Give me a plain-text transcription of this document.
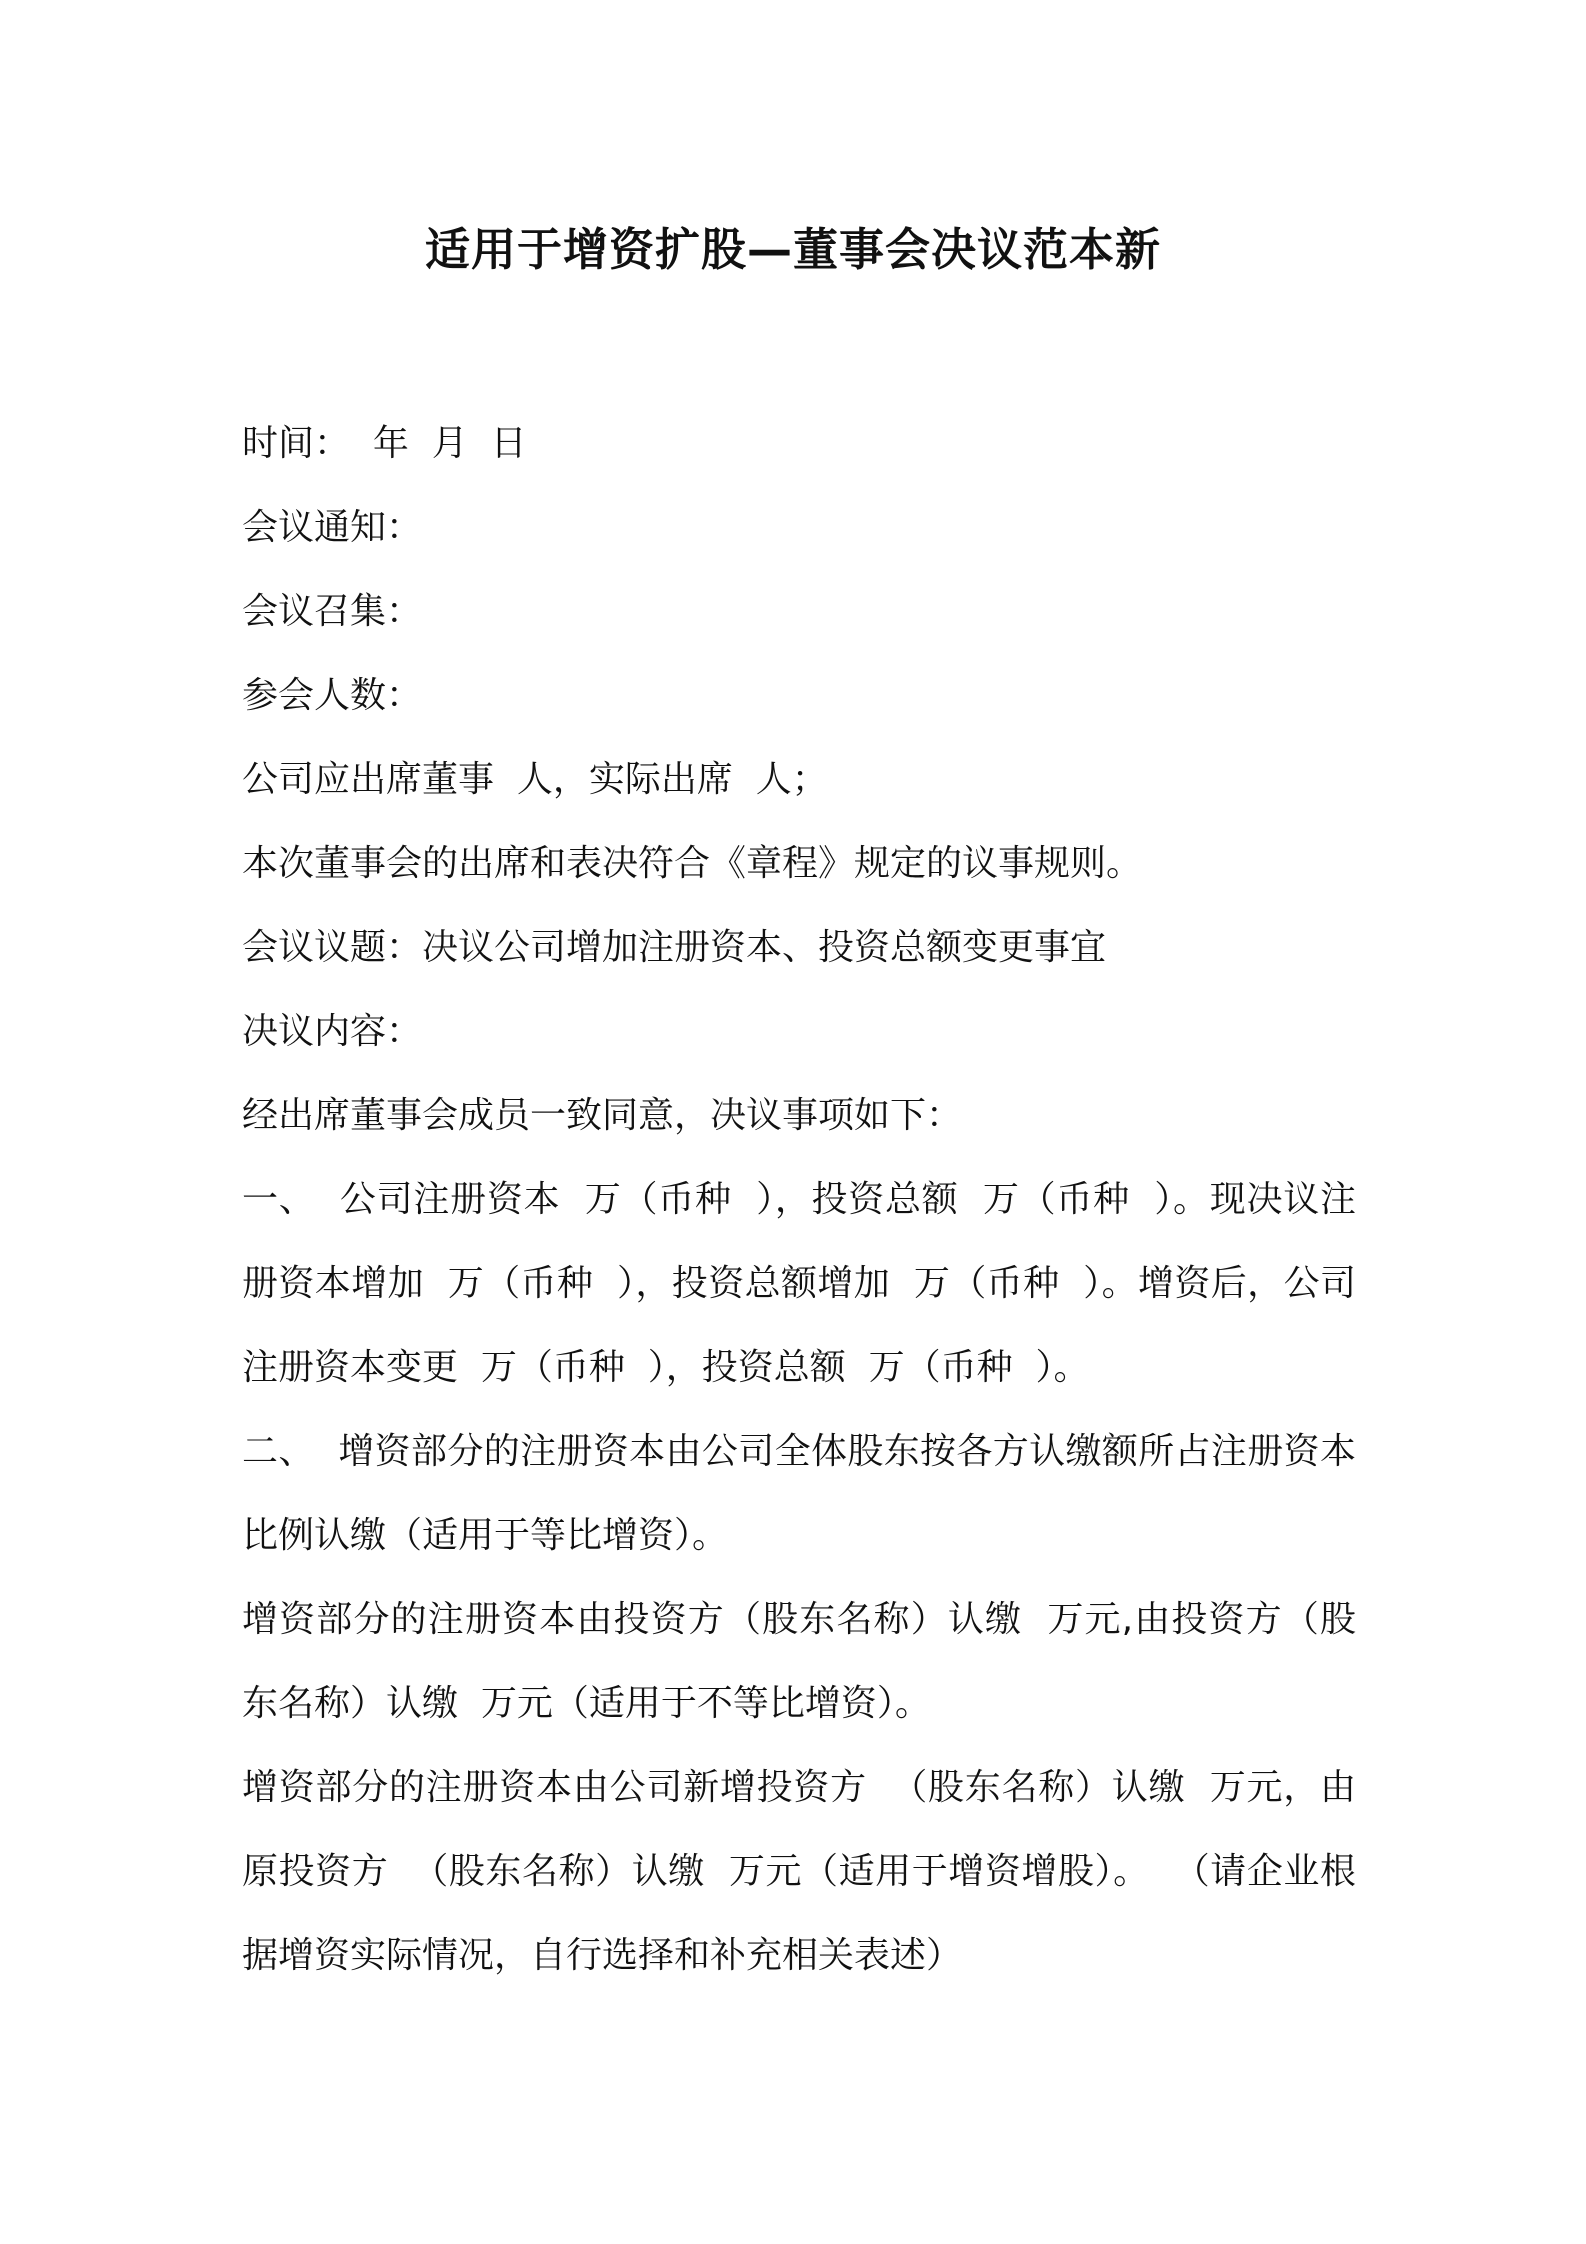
适用于增资扩股—董事会决议范本新

时间：  年  月  日

会议通知：

会议召集：

参会人数：

公司应出席董事  人，实际出席  人；

本次董事会的出席和表决符合《章程》规定的议事规则。

会议议题：决议公司增加注册资本、投资总额变更事宜

决议内容：

经出席董事会成员一致同意，决议事项如下：

一、  公司注册资本  万（币种  ），投资总额  万（币种  ）。现决议注册资本增加  万（币种  ），投资总额增加  万（币种  ）。增资后，公司注册资本变更  万（币种  ），投资总额  万（币种  ）。

二、  增资部分的注册资本由公司全体股东按各方认缴额所占注册资本比例认缴（适用于等比增资）。

增资部分的注册资本由投资方（股东名称）认缴  万元,由投资方（股东名称）认缴  万元（适用于不等比增资）。

增资部分的注册资本由公司新增投资方  （股东名称）认缴  万元，由原投资方  （股东名称）认缴  万元（适用于增资增股）。  （请企业根据增资实际情况，自行选择和补充相关表述）
